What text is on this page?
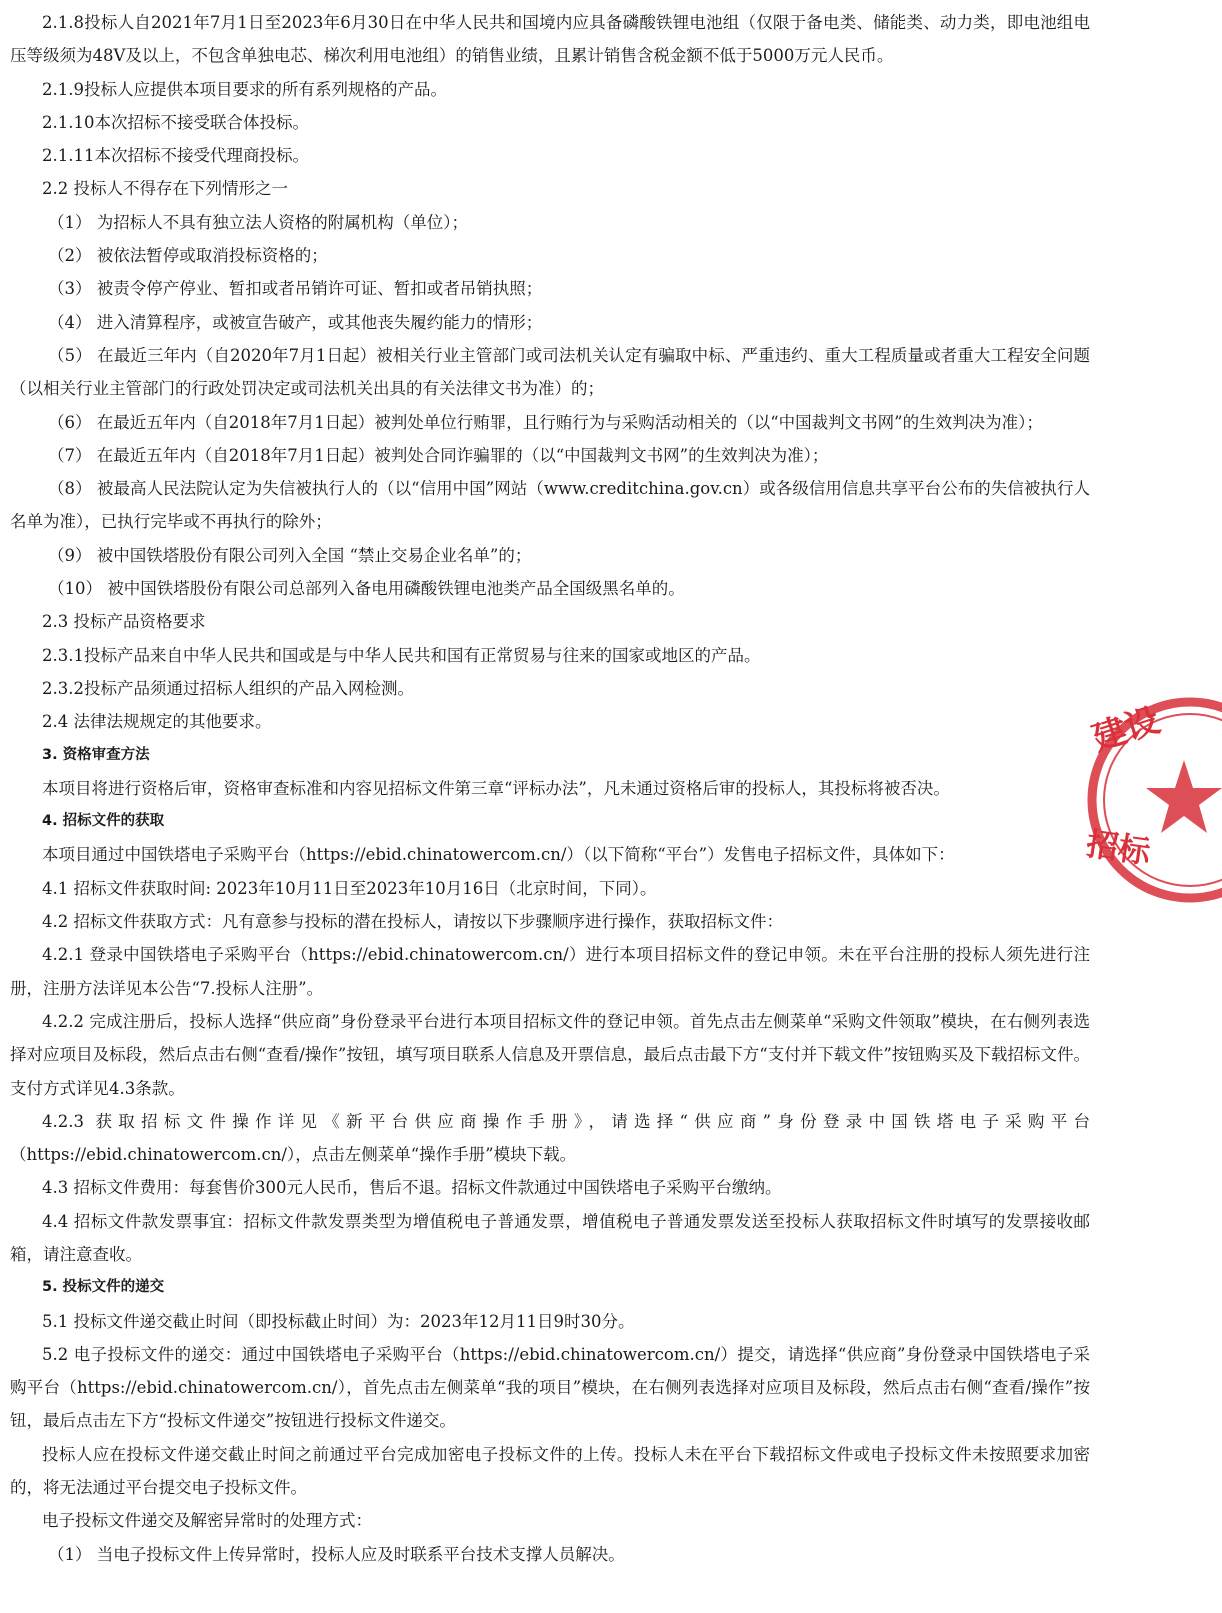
2.1.8投标人自2021年7月1日至2023年6月30日在中华人民共和国境内应具备磷酸铁锂电池组（仅限于备电类、储能类、动力类，即电池组电压等级须为48V及以上，不包含单独电芯、梯次利用电池组）的销售业绩，且累计销售含税金额不低于5000万元人民币。

2.1.9投标人应提供本项目要求的所有系列规格的产品。

2.1.10本次招标不接受联合体投标。

2.1.11本次招标不接受代理商投标。

2.2 投标人不得存在下列情形之一

（1） 为招标人不具有独立法人资格的附属机构（单位）；

（2） 被依法暂停或取消投标资格的；

（3） 被责令停产停业、暂扣或者吊销许可证、暂扣或者吊销执照；

（4） 进入清算程序，或被宣告破产，或其他丧失履约能力的情形；

（5） 在最近三年内（自2020年7月1日起）被相关行业主管部门或司法机关认定有骗取中标、严重违约、重大工程质量或者重大工程安全问题（以相关行业主管部门的行政处罚决定或司法机关出具的有关法律文书为准）的；

（6） 在最近五年内（自2018年7月1日起）被判处单位行贿罪，且行贿行为与采购活动相关的（以“中国裁判文书网”的生效判决为准）；

（7） 在最近五年内（自2018年7月1日起）被判处合同诈骗罪的（以“中国裁判文书网”的生效判决为准）；

（8） 被最高人民法院认定为失信被执行人的（以“信用中国”网站（www.creditchina.gov.cn）或各级信用信息共享平台公布的失信被执行人名单为准），已执行完毕或不再执行的除外；

（9） 被中国铁塔股份有限公司列入全国 “禁止交易企业名单”的；

（10） 被中国铁塔股份有限公司总部列入备电用磷酸铁锂电池类产品全国级黑名单的。

2.3 投标产品资格要求

2.3.1投标产品来自中华人民共和国或是与中华人民共和国有正常贸易与往来的国家或地区的产品。

2.3.2投标产品须通过招标人组织的产品入网检测。

2.4 法律法规规定的其他要求。

3. 资格审查方法

本项目将进行资格后审，资格审查标准和内容见招标文件第三章“评标办法”，凡未通过资格后审的投标人，其投标将被否决。

4. 招标文件的获取

本项目通过中国铁塔电子采购平台（https://ebid.chinatowercom.cn/）（以下简称“平台”）发售电子招标文件，具体如下：

4.1 招标文件获取时间: 2023年10月11日至2023年10月16日（北京时间，下同）。

4.2 招标文件获取方式：凡有意参与投标的潜在投标人，请按以下步骤顺序进行操作，获取招标文件：

4.2.1 登录中国铁塔电子采购平台（https://ebid.chinatowercom.cn/）进行本项目招标文件的登记申领。未在平台注册的投标人须先进行注册，注册方法详见本公告“7.投标人注册”。

4.2.2 完成注册后，投标人选择“供应商”身份登录平台进行本项目招标文件的登记申领。首先点击左侧菜单“采购文件领取”模块，在右侧列表选择对应项目及标段，然后点击右侧“查看/操作”按钮，填写项目联系人信息及开票信息，最后点击最下方“支付并下载文件”按钮购买及下载招标文件。支付方式详见4.3条款。

4.2.3 获取招标文件操作详见《新平台供应商操作手册》，请选择“供应商”身份登录中国铁塔电子采购平台（https://ebid.chinatowercom.cn/），点击左侧菜单“操作手册”模块下载。

4.3 招标文件费用：每套售价300元人民币，售后不退。招标文件款通过中国铁塔电子采购平台缴纳。

4.4 招标文件款发票事宜：招标文件款发票类型为增值税电子普通发票，增值税电子普通发票发送至投标人获取招标文件时填写的发票接收邮箱，请注意查收。

5. 投标文件的递交

5.1 投标文件递交截止时间（即投标截止时间）为：2023年12月11日9时30分。

5.2 电子投标文件的递交：通过中国铁塔电子采购平台（https://ebid.chinatowercom.cn/）提交，请选择“供应商”身份登录中国铁塔电子采购平台（https://ebid.chinatowercom.cn/），首先点击左侧菜单“我的项目”模块，在右侧列表选择对应项目及标段，然后点击右侧“查看/操作”按钮，最后点击左下方“投标文件递交”按钮进行投标文件递交。

投标人应在投标文件递交截止时间之前通过平台完成加密电子投标文件的上传。投标人未在平台下载招标文件或电子投标文件未按照要求加密的，将无法通过平台提交电子投标文件。

电子投标文件递交及解密异常时的处理方式：

（1） 当电子投标文件上传异常时，投标人应及时联系平台技术支撑人员解决。

建设
招标
